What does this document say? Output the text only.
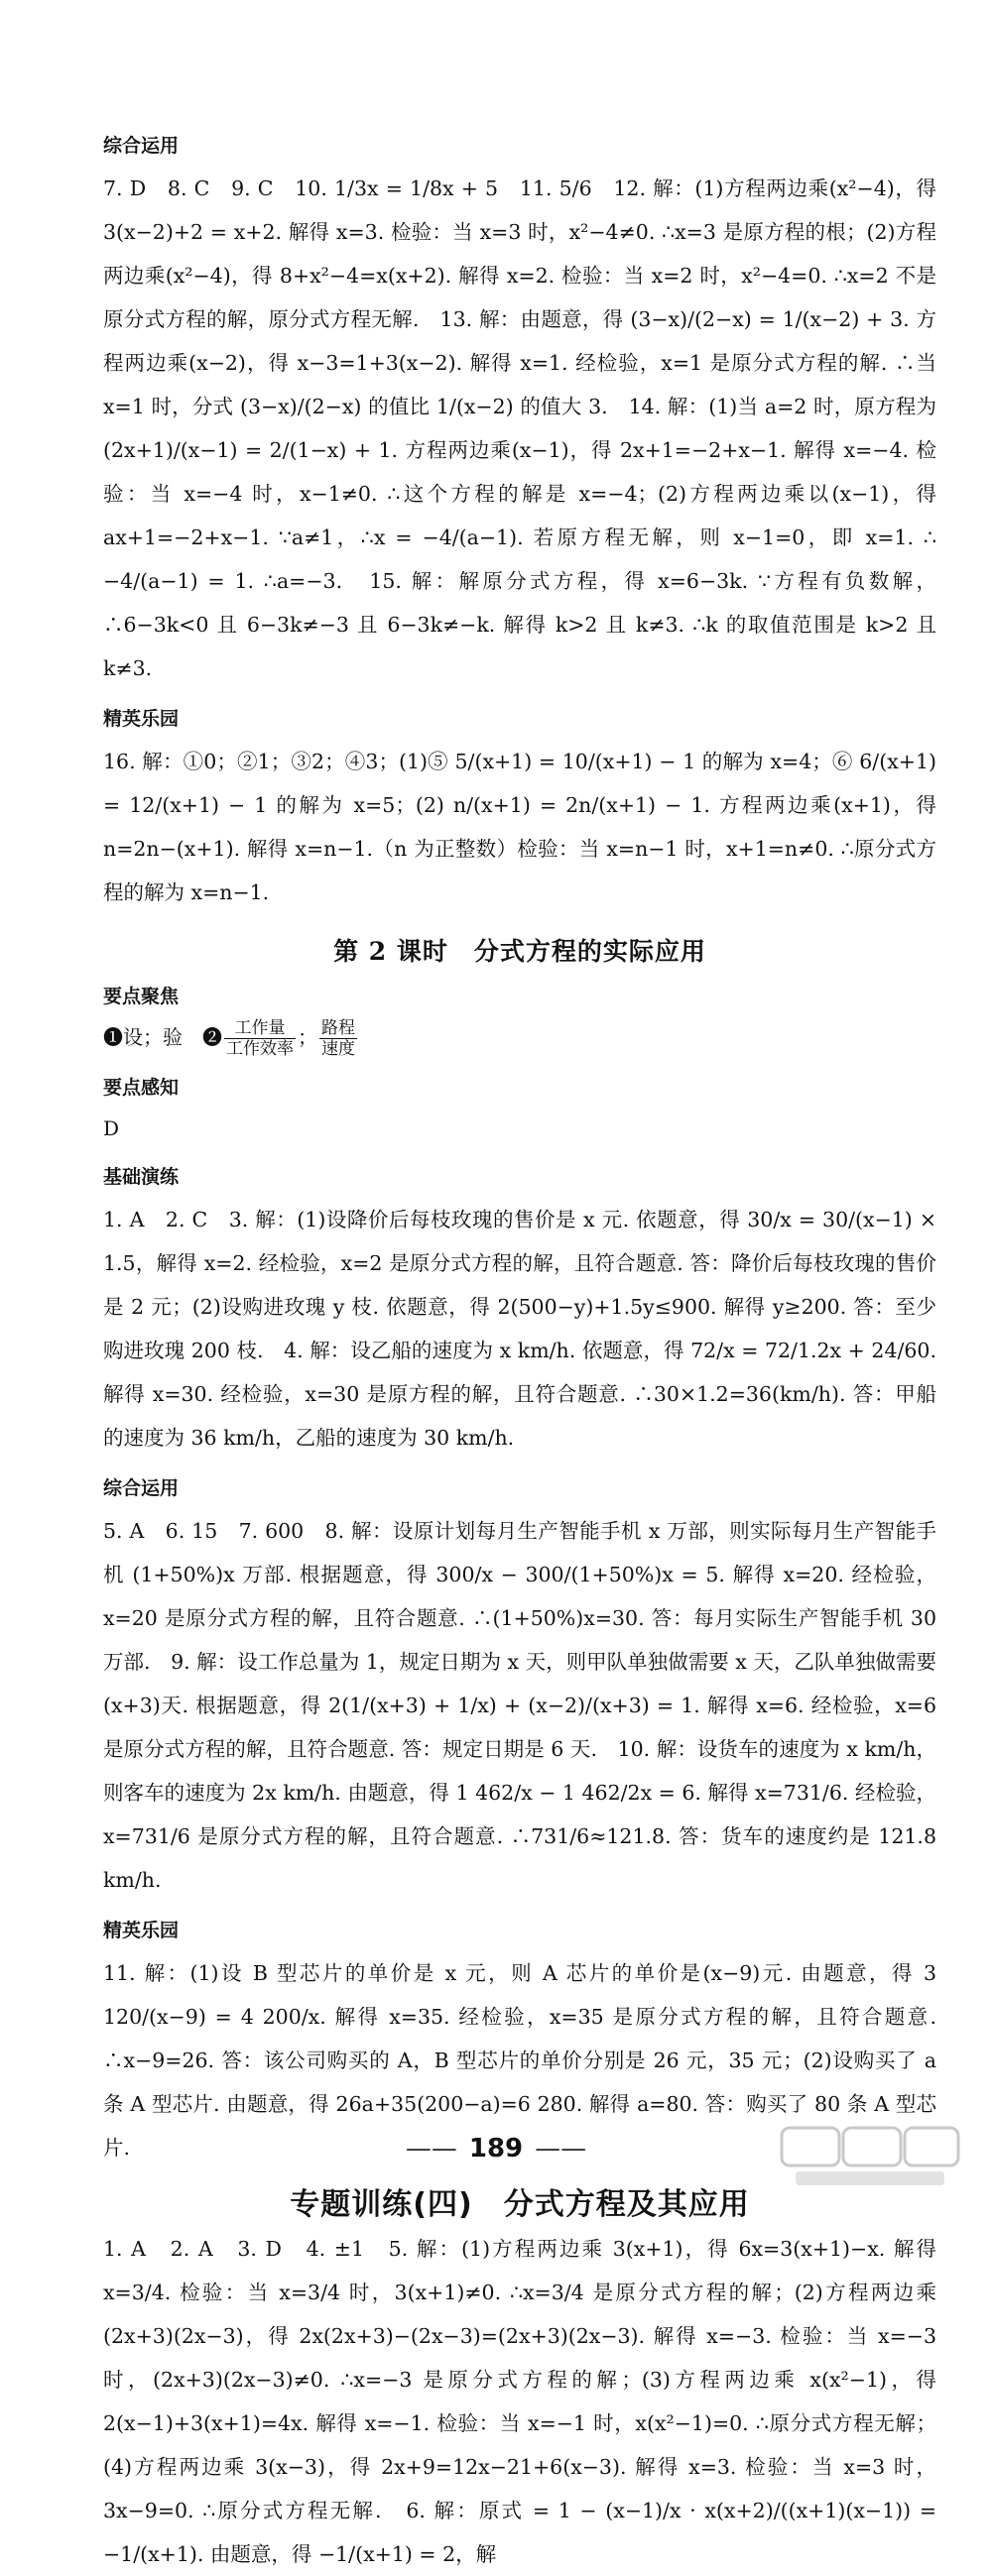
综合运用

7. D　8. C　9. C　10. 1/3x = 1/8x + 5　11. 5/6　12. 解：(1)方程两边乘(x²−4)，得 3(x−2)+2 = x+2. 解得 x=3. 检验：当 x=3 时，x²−4≠0. ∴x=3 是原方程的根；(2)方程两边乘(x²−4)，得 8+x²−4=x(x+2). 解得 x=2. 检验：当 x=2 时，x²−4=0. ∴x=2 不是原分式方程的解，原分式方程无解.　13. 解：由题意，得 (3−x)/(2−x) = 1/(x−2) + 3. 方程两边乘(x−2)，得 x−3=1+3(x−2). 解得 x=1. 经检验，x=1 是原分式方程的解. ∴当 x=1 时，分式 (3−x)/(2−x) 的值比 1/(x−2) 的值大 3.　14. 解：(1)当 a=2 时，原方程为 (2x+1)/(x−1) = 2/(1−x) + 1. 方程两边乘(x−1)，得 2x+1=−2+x−1. 解得 x=−4. 检验：当 x=−4 时，x−1≠0. ∴这个方程的解是 x=−4；(2)方程两边乘以(x−1)，得 ax+1=−2+x−1. ∵a≠1，∴x = −4/(a−1). 若原方程无解，则 x−1=0，即 x=1. ∴ −4/(a−1) = 1. ∴a=−3.　15. 解：解原分式方程，得 x=6−3k. ∵方程有负数解，∴6−3k<0 且 6−3k≠−3 且 6−3k≠−k. 解得 k>2 且 k≠3. ∴k 的取值范围是 k>2 且 k≠3.

精英乐园

16. 解：①0；②1；③2；④3；(1)⑤ 5/(x+1) = 10/(x+1) − 1 的解为 x=4；⑥ 6/(x+1) = 12/(x+1) − 1 的解为 x=5；(2) n/(x+1) = 2n/(x+1) − 1. 方程两边乘(x+1)，得 n=2n−(x+1). 解得 x=n−1.（n 为正整数）检验：当 x=n−1 时，x+1=n≠0. ∴原分式方程的解为 x=n−1.

第 2 课时　分式方程的实际应用
要点聚焦
❶设；验　❷ $\frac{\text{工作量}}{\text{工作效率}}$ ； $\frac{\text{路程}}{\text{速度}}$
要点感知
D
基础演练

1. A　2. C　3. 解：(1)设降价后每枝玫瑰的售价是 x 元. 依题意，得 30/x = 30/(x−1) × 1.5，解得 x=2. 经检验，x=2 是原分式方程的解，且符合题意. 答：降价后每枝玫瑰的售价是 2 元；(2)设购进玫瑰 y 枝. 依题意，得 2(500−y)+1.5y≤900. 解得 y≥200. 答：至少购进玫瑰 200 枝.　4. 解：设乙船的速度为 x km/h. 依题意，得 72/x = 72/1.2x + 24/60. 解得 x=30. 经检验，x=30 是原方程的解，且符合题意. ∴30×1.2=36(km/h). 答：甲船的速度为 36 km/h，乙船的速度为 30 km/h.

综合运用

5. A　6. 15　7. 600　8. 解：设原计划每月生产智能手机 x 万部，则实际每月生产智能手机 (1+50%)x 万部. 根据题意，得 300/x − 300/(1+50%)x = 5. 解得 x=20. 经检验，x=20 是原分式方程的解，且符合题意. ∴(1+50%)x=30. 答：每月实际生产智能手机 30 万部.　9. 解：设工作总量为 1，规定日期为 x 天，则甲队单独做需要 x 天，乙队单独做需要(x+3)天. 根据题意，得 2(1/(x+3) + 1/x) + (x−2)/(x+3) = 1. 解得 x=6. 经检验，x=6 是原分式方程的解，且符合题意. 答：规定日期是 6 天.　10. 解：设货车的速度为 x km/h，则客车的速度为 2x km/h. 由题意，得 1 462/x − 1 462/2x = 6. 解得 x=731/6. 经检验，x=731/6 是原分式方程的解，且符合题意. ∴731/6≈121.8. 答：货车的速度约是 121.8 km/h.

精英乐园

11. 解：(1)设 B 型芯片的单价是 x 元，则 A 芯片的单价是(x−9)元. 由题意，得 3 120/(x−9) = 4 200/x. 解得 x=35. 经检验，x=35 是原分式方程的解，且符合题意. ∴x−9=26. 答：该公司购买的 A，B 型芯片的单价分别是 26 元，35 元；(2)设购买了 a 条 A 型芯片. 由题意，得 26a+35(200−a)=6 280. 解得 a=80. 答：购买了 80 条 A 型芯片.

专题训练(四)　分式方程及其应用

1. A　2. A　3. D　4. ±1　5. 解：(1)方程两边乘 3(x+1)，得 6x=3(x+1)−x. 解得 x=3/4. 检验：当 x=3/4 时，3(x+1)≠0. ∴x=3/4 是原分式方程的解；(2)方程两边乘(2x+3)(2x−3)，得 2x(2x+3)−(2x−3)=(2x+3)(2x−3). 解得 x=−3. 检验：当 x=−3 时，(2x+3)(2x−3)≠0. ∴x=−3 是原分式方程的解；(3)方程两边乘 x(x²−1)，得 2(x−1)+3(x+1)=4x. 解得 x=−1. 检验：当 x=−1 时，x(x²−1)=0. ∴原分式方程无解；(4)方程两边乘 3(x−3)，得 2x+9=12x−21+6(x−3). 解得 x=3. 检验：当 x=3 时，3x−9=0. ∴原分式方程无解.　6. 解：原式 = 1 − (x−1)/x · x(x+2)/((x+1)(x−1)) = −1/(x+1). 由题意，得 −1/(x+1) = 2，解

—— 189 ——
